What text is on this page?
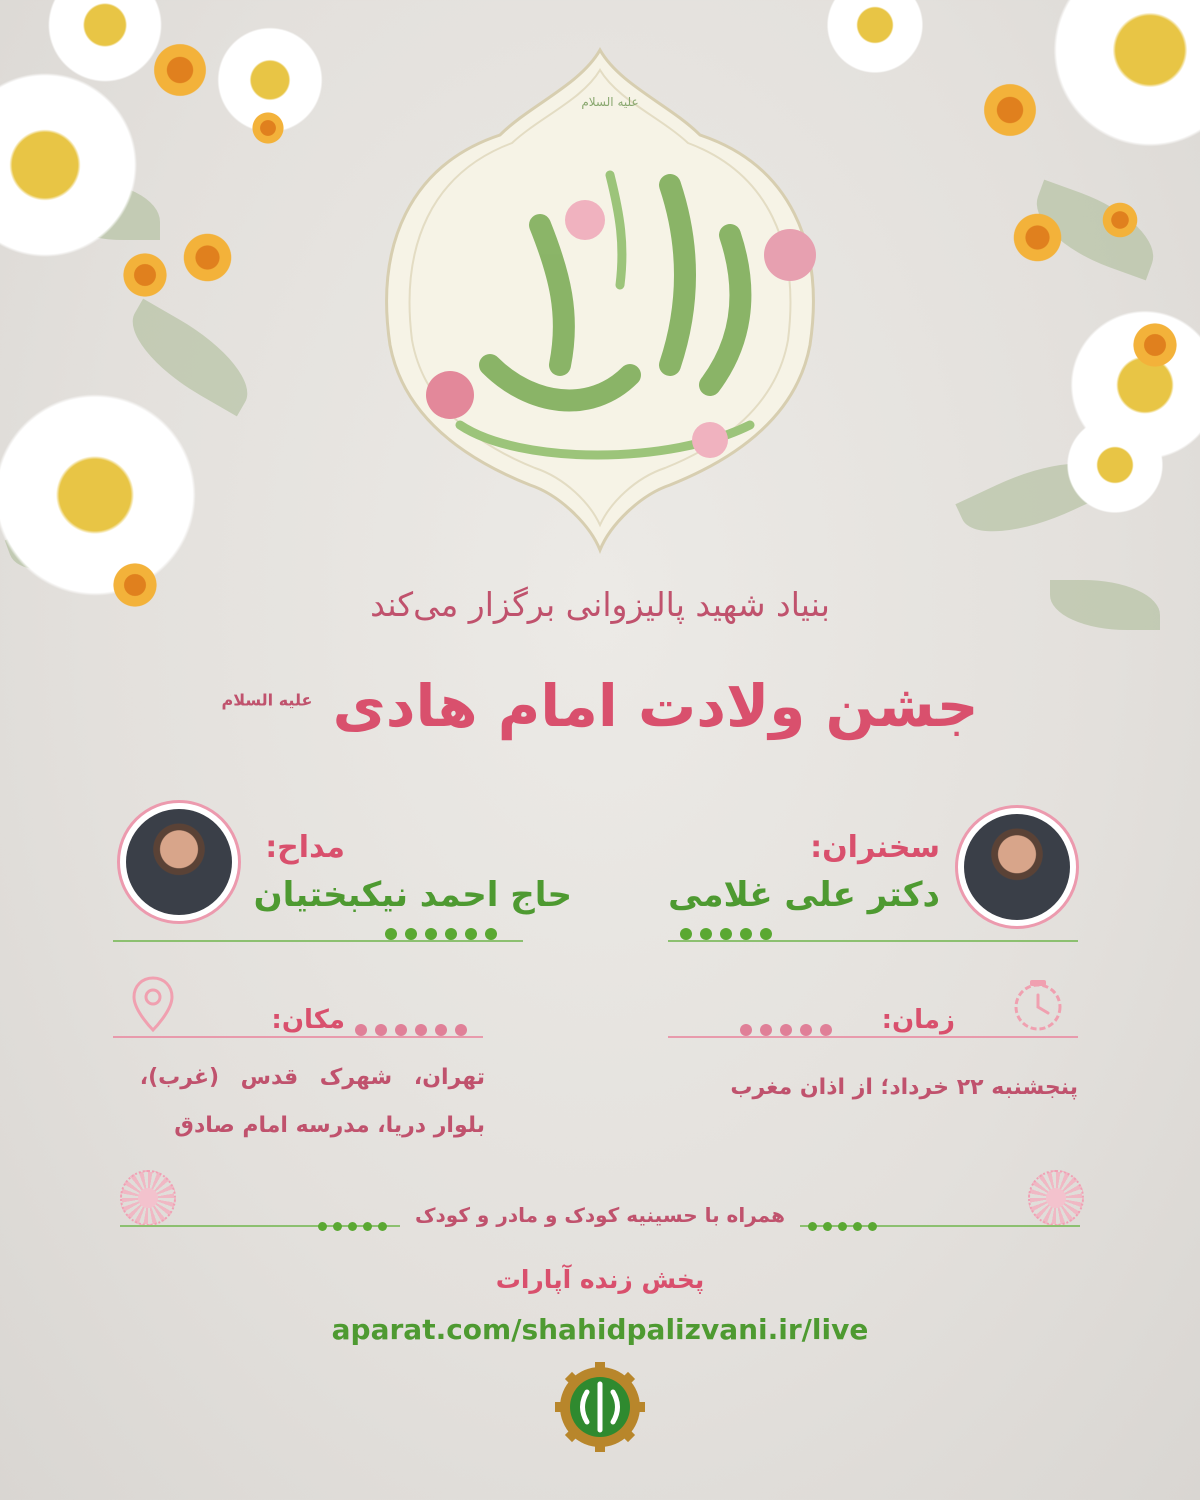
علیه السلام
بنیاد شهید پالیزوانی برگزار می‌کند
جشن ولادت امام هادی $^{علیه السلام}$
سخنران:
دکتر علی غلامی
مداح:
حاج احمد نیکبختیان
زمان:
پنجشنبه ۲۲ خرداد؛ از اذان مغرب
مکان:
تهران، شهرک قدس (غرب)،
بلوار دریا، مدرسه امام صادق
همراه با حسینیه کودک و مادر و کودک
پخش زنده آپارات
aparat.com/shahidpalizvani.ir/live
